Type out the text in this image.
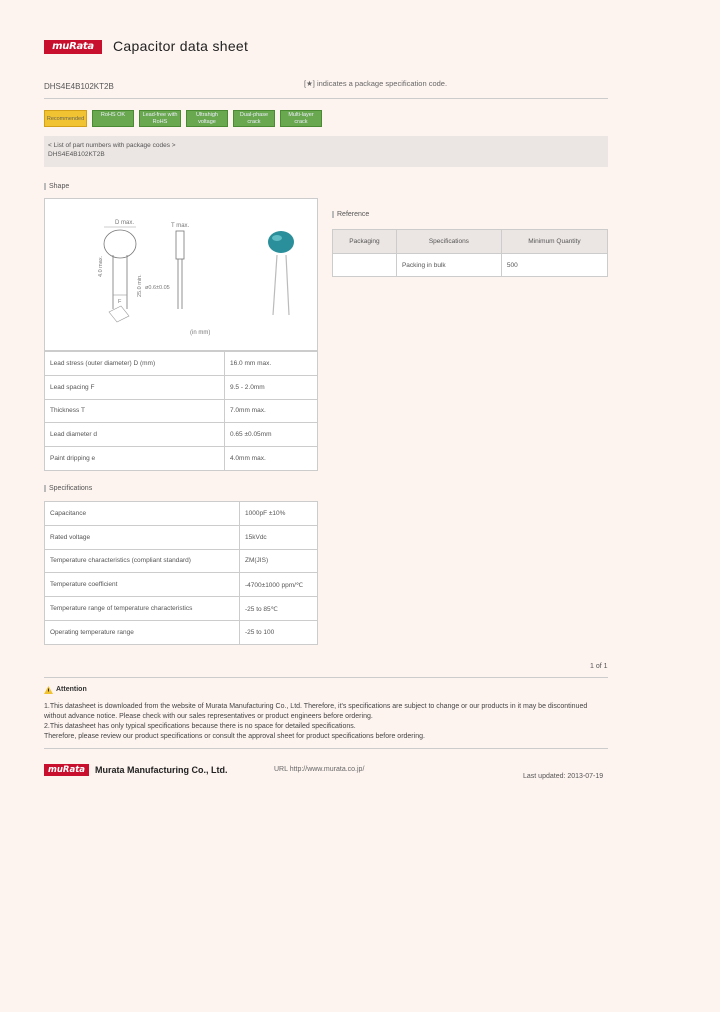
muRata	Capacitor data sheet
DHS4E4B102KT2B	[★] indicates a package specification code.
Recommended
RoHS OK	Lead-free with RoHS
Ultrahigh voltage
Dual-phase crack
Multi-layer crack
< List of part numbers with package codes >
DHS4E4B102KT2B
Shape
D max.	T max.
4.0 max.
F
25.0 min. ø0.6±0.05
(in mm)
Lead stress (outer diameter) D (mm)	16.0 mm max.
Lead spacing F	9.5 - 2.0mm
Thickness T	7.0mm max.
Lead diameter d	0.65 ±0.05mm
Paint dripping e	4.0mm max.
Reference
Packaging	Specifications	Minimum Quantity
	Packing in bulk	500
Specifications
Capacitance	1000pF ±10%
Rated voltage	15kVdc
Temperature characteristics (compliant standard)	ZM(JIS)
Temperature coefficient	-4700±1000 ppm/℃
Temperature range of temperature characteristics	-25 to 85℃
Operating temperature range	-25 to 100
1 of 1
Attention
1.This datasheet is downloaded from the website of Murata Manufacturing Co., Ltd. Therefore, it's specifications are subject to change or our products in it may be discontinued
without advance notice. Please check with our sales representatives or product engineers before ordering.
2.This datasheet has only typical specifications because there is no space for detailed specifications.
Therefore, please review our product specifications or consult the approval sheet for product specifications before ordering.
muRata	Murata Manufacturing Co., Ltd.	URL http://www.murata.co.jp/
Last updated: 2013-07-19
